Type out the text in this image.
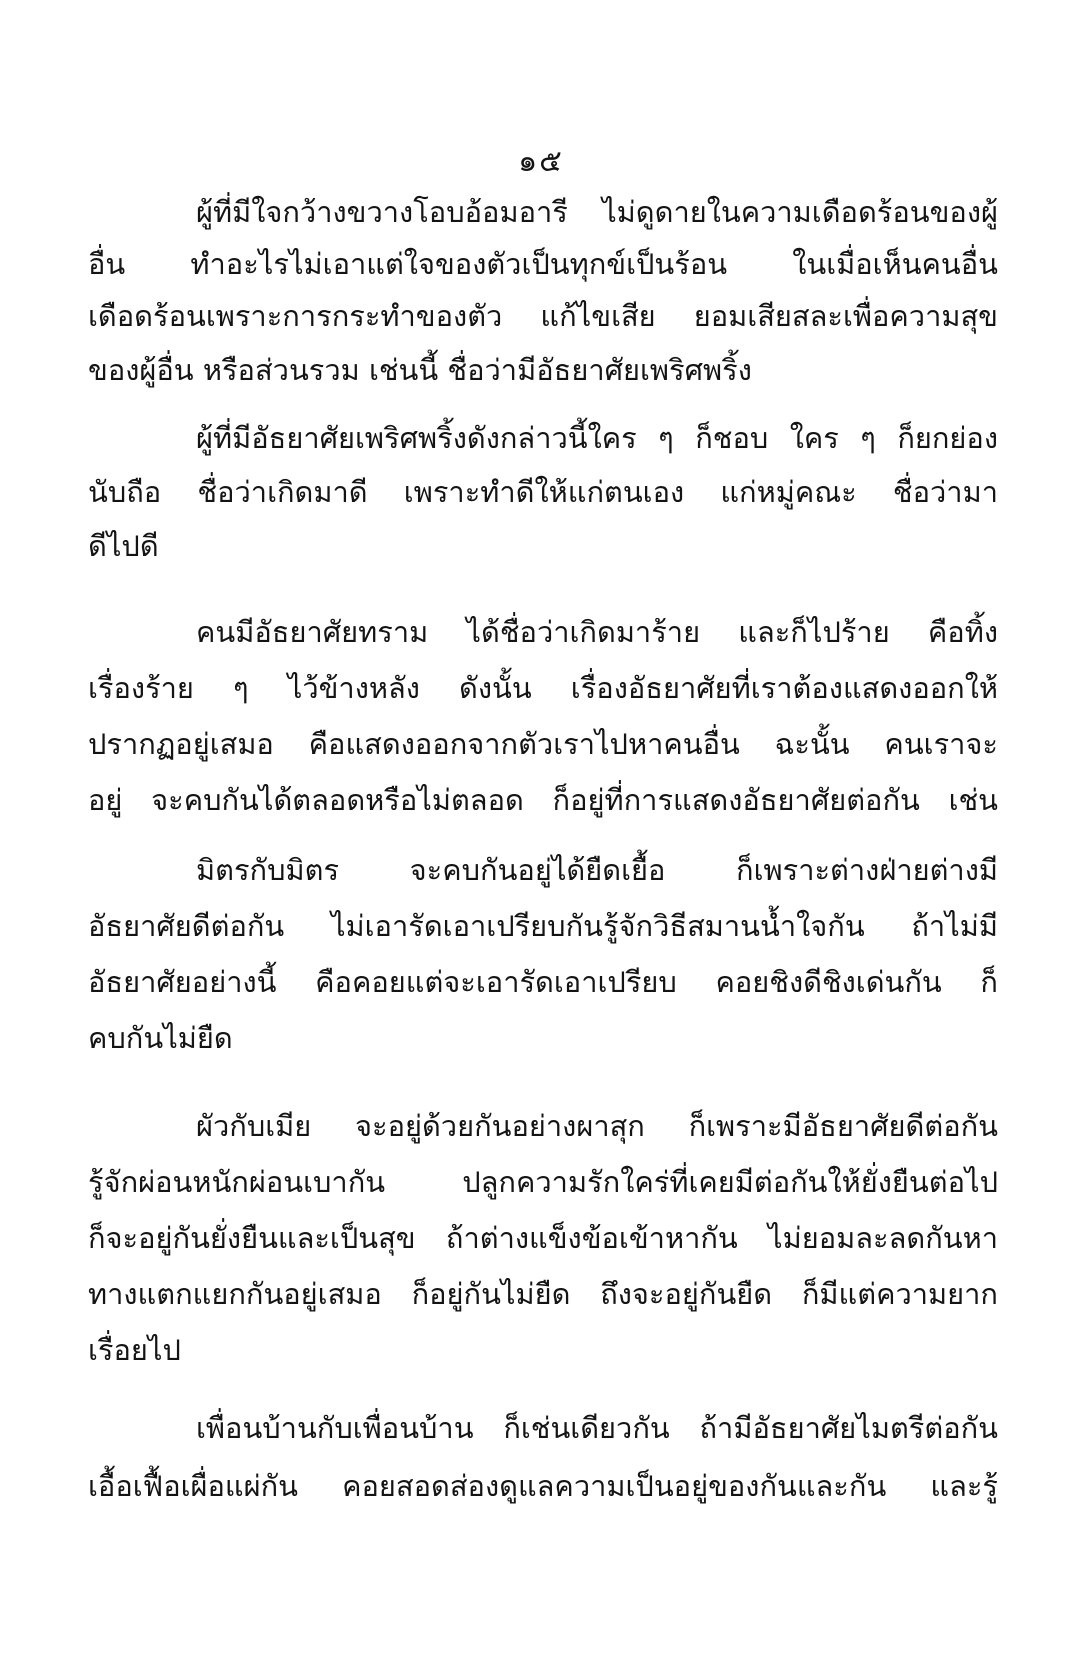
๑๕
ผู้ที่มีใจกว้างขวางโอบอ้อมอารี ไม่ดูดายในความเดือดร้อนของผู้
อื่น ทำอะไรไม่เอาแต่ใจของตัวเป็นทุกข์เป็นร้อน ในเมื่อเห็นคนอื่น
เดือดร้อนเพราะการกระทำของตัว แก้ไขเสีย ยอมเสียสละเพื่อความสุข
ของผู้อื่น หรือส่วนรวม เช่นนี้ ชื่อว่ามีอัธยาศัยเพริศพริ้ง
ผู้ที่มีอัธยาศัยเพริศพริ้งดังกล่าวนี้ใคร ๆ ก็ชอบ ใคร ๆ ก็ยกย่อง
นับถือ ชื่อว่าเกิดมาดี เพราะทำดีให้แก่ตนเอง แก่หมู่คณะ ชื่อว่ามา
ดีไปดี
คนมีอัธยาศัยทราม ได้ชื่อว่าเกิดมาร้าย และก็ไปร้าย คือทิ้ง
เรื่องร้าย ๆ ไว้ข้างหลัง ดังนั้น เรื่องอัธยาศัยที่เราต้องแสดงออกให้
ปรากฏอยู่เสมอ คือแสดงออกจากตัวเราไปหาคนอื่น ฉะนั้น คนเราจะ
อยู่ จะคบกันได้ตลอดหรือไม่ตลอด ก็อยู่ที่การแสดงอัธยาศัยต่อกัน เช่น
มิตรกับมิตร จะคบกันอยู่ได้ยืดเยื้อ ก็เพราะต่างฝ่ายต่างมี
อัธยาศัยดีต่อกัน ไม่เอารัดเอาเปรียบกันรู้จักวิธีสมานน้ำใจกัน ถ้าไม่มี
อัธยาศัยอย่างนี้ คือคอยแต่จะเอารัดเอาเปรียบ คอยชิงดีชิงเด่นกัน ก็
คบกันไม่ยืด
ผัวกับเมีย จะอยู่ด้วยกันอย่างผาสุก ก็เพราะมีอัธยาศัยดีต่อกัน
รู้จักผ่อนหนักผ่อนเบากัน ปลูกความรักใคร่ที่เคยมีต่อกันให้ยั่งยืนต่อไป
ก็จะอยู่กันยั่งยืนและเป็นสุข ถ้าต่างแข็งข้อเข้าหากัน ไม่ยอมละลดกันหา
ทางแตกแยกกันอยู่เสมอ ก็อยู่กันไม่ยืด ถึงจะอยู่กันยืด ก็มีแต่ความยาก
เรื่อยไป
เพื่อนบ้านกับเพื่อนบ้าน ก็เช่นเดียวกัน ถ้ามีอัธยาศัยไมตรีต่อกัน
เอื้อเฟื้อเผื่อแผ่กัน คอยสอดส่องดูแลความเป็นอยู่ของกันและกัน และรู้
